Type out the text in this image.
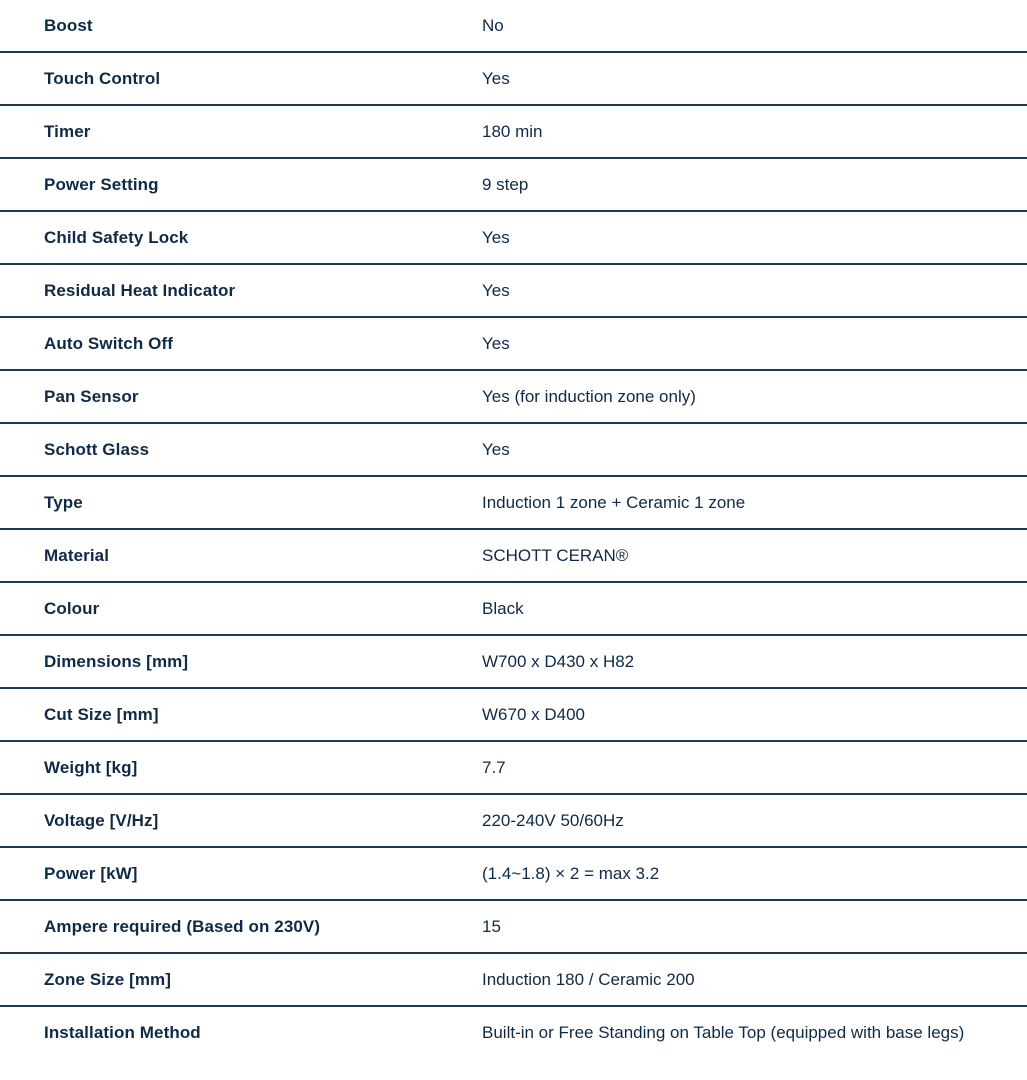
Boost	No
Touch Control	Yes
Timer	180 min
Power Setting	9 step
Child Safety Lock	Yes
Residual Heat Indicator	Yes
Auto Switch Off	Yes
Pan Sensor	Yes (for induction zone only)
Schott Glass	Yes
Type	Induction 1 zone + Ceramic 1 zone
Material	SCHOTT CERAN®
Colour	Black
Dimensions [mm]	W700 x D430 x H82
Cut Size [mm]	W670 x D400
Weight [kg]	7.7
Voltage [V/Hz]	220-240V 50/60Hz
Power [kW]	(1.4~1.8) × 2 = max 3.2
Ampere required (Based on 230V)	15
Zone Size [mm]	Induction 180 / Ceramic 200
Installation Method	Built-in or Free Standing on Table Top (equipped with base legs)
